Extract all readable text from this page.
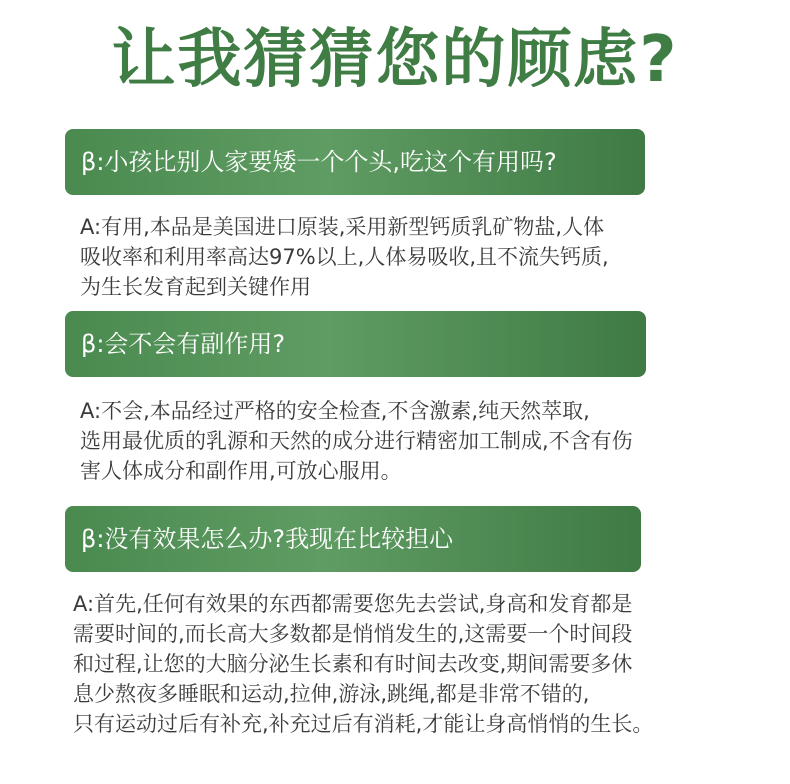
让我猜猜您的顾虑?
β:小孩比别人家要矮一个个头,吃这个有用吗?
A:有用,本品是美国进口原装,采用新型钙质乳矿物盐,人体
吸收率和利用率高达97%以上,人体易吸收,且不流失钙质,
为生长发育起到关键作用
β:会不会有副作用?
A:不会,本品经过严格的安全检查,不含激素,纯天然萃取,
选用最优质的乳源和天然的成分进行精密加工制成,不含有伤
害人体成分和副作用,可放心服用。
β:没有效果怎么办?我现在比较担心
A:首先,任何有效果的东西都需要您先去尝试,身高和发育都是
需要时间的,而长高大多数都是悄悄发生的,这需要一个时间段
和过程,让您的大脑分泌生长素和有时间去改变,期间需要多休
息少熬夜多睡眠和运动,拉伸,游泳,跳绳,都是非常不错的,
只有运动过后有补充,补充过后有消耗,才能让身高悄悄的生长。
